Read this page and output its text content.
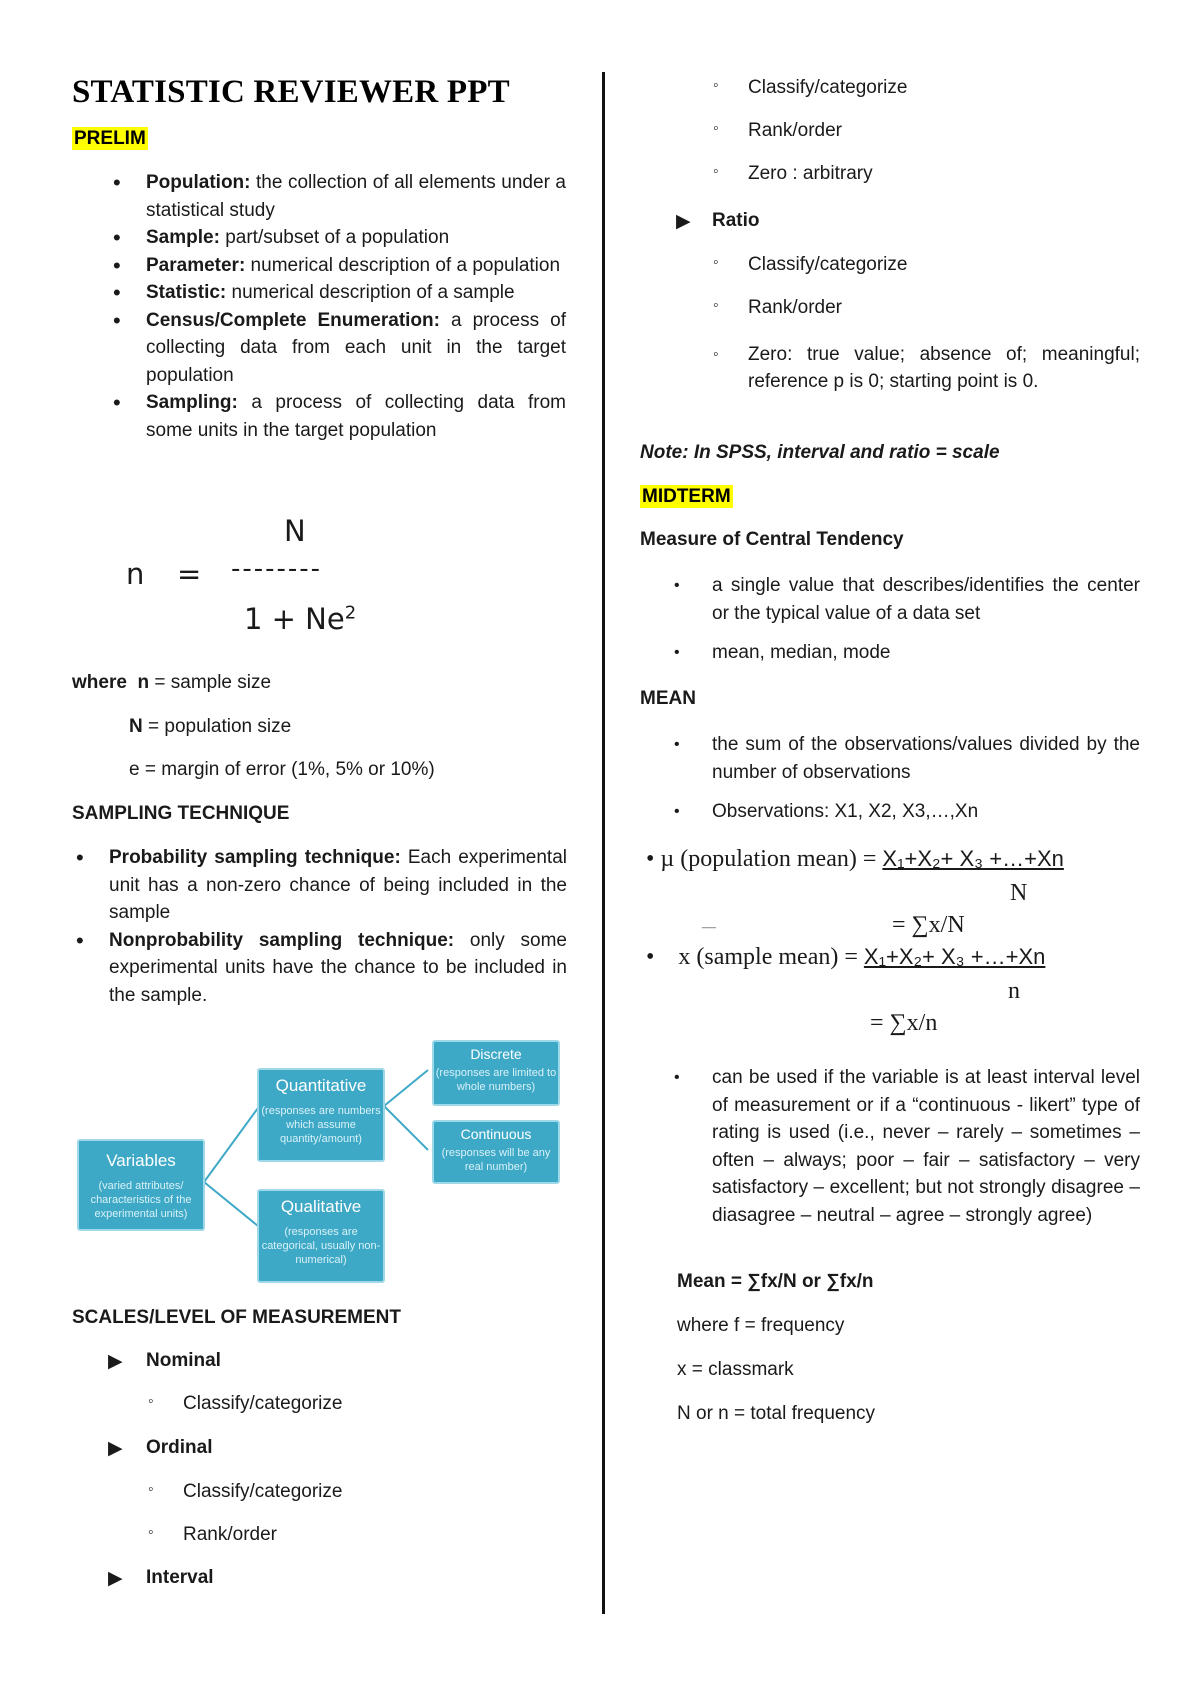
STATISTIC REVIEWER PPT
PRELIM
• Population: the collection of all elements under a statistical study
• Sample: part/subset of a population
• Parameter: numerical description of a population
• Statistic: numerical description of a sample
• Census/Complete Enumeration: a process of collecting data from each unit in the target population
• Sampling: a process of collecting data from some units in the target population
N
n = --------
$1 + Ne^2$
where n = sample size
N = population size
e = margin of error (1%, 5% or 10%)
SAMPLING TECHNIQUE
• Probability sampling technique: Each experimental unit has a non-zero chance of being included in the sample
• Nonprobability sampling technique: only some experimental units have the chance to be included in the sample.
Variables
(varied attributes/ characteristics of the experimental units)
Quantitative
(responses are numbers which assume quantity/amount)
Qualitative
(responses are categorical, usually non-numerical)
Discrete
(responses are limited to whole numbers)
Continuous
(responses will be any real number)
SCALES/LEVEL OF MEASUREMENT
▶ Nominal
◦ Classify/categorize
▶ Ordinal
◦ Classify/categorize
◦ Rank/order
▶ Interval
◦ Classify/categorize
◦ Rank/order
◦ Zero : arbitrary
▶ Ratio
◦ Classify/categorize
◦ Rank/order
◦ Zero: true value; absence of; meaningful; reference p is 0; starting point is 0.
Note: In SPSS, interval and ratio = scale
MIDTERM
Measure of Central Tendency
• a single value that describes/identifies the center or the typical value of a data set
• mean, median, mode
MEAN
• the sum of the observations/values divided by the number of observations
• Observations: X1, X2, X3,…,Xn
• µ (population mean) = X₁+X₂+ X₃ +…+Xn
N
= ∑x/N
—
• x (sample mean) = X₁+X₂+ X₃ +…+Xn
n
= ∑x/n
• can be used if the variable is at least interval level of measurement or if a “continuous - likert” type of rating is used (i.e., never – rarely – sometimes – often – always; poor – fair – satisfactory – very satisfactory – excellent; but not strongly disagree – diasagree – neutral – agree – strongly agree)
Mean = ∑fx/N or ∑fx/n
where f = frequency
x = classmark
N or n = total frequency
